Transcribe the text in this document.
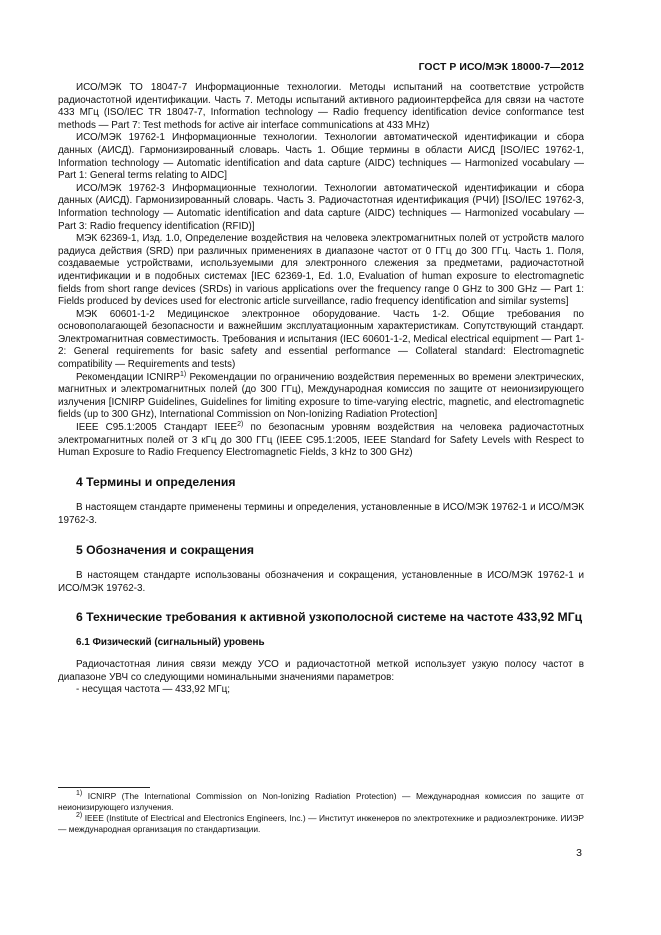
ГОСТ Р ИСО/МЭК 18000-7—2012

ИСО/МЭК ТО 18047-7 Информационные технологии. Методы испытаний на соответствие устройств радиочастотной идентификации. Часть 7. Методы испытаний активного радиоинтерфейса для связи на частоте 433 МГц (ISO/IEC TR 18047-7, Information technology — Radio frequency identification device conformance test methods — Part 7: Test methods for active air interface communications at 433 MHz)

ИСО/МЭК 19762-1 Информационные технологии. Технологии автоматической идентификации и сбора данных (АИСД). Гармонизированный словарь. Часть 1. Общие термины в области АИСД [ISO/IEC 19762-1, Information technology — Automatic identification and data capture (AIDC) techniques — Harmonized vocabulary — Part 1: General terms relating to AIDC]

ИСО/МЭК 19762-3 Информационные технологии. Технологии автоматической идентификации и сбора данных (АИСД). Гармонизированный словарь. Часть 3. Радиочастотная идентификация (РЧИ) [ISO/IEC 19762-3, Information technology — Automatic identification and data capture (AIDC) techniques — Harmonized vocabulary — Part 3: Radio frequency identification (RFID)]

МЭК 62369-1, Изд. 1.0, Определение воздействия на человека электромагнитных полей от устройств малого радиуса действия (SRD) при различных применениях в диапазоне частот от 0 ГГц до 300 ГГц. Часть 1. Поля, создаваемые устройствами, используемыми для электронного слежения за предметами, радиочастотной идентификации и в подобных системах [IEC 62369-1, Ed. 1.0, Evaluation of human exposure to electromagnetic fields from short range devices (SRDs) in various applications over the frequency range 0 GHz to 300 GHz — Part 1: Fields produced by devices used for electronic article surveillance, radio frequency identification and similar systems]

МЭК 60601-1-2 Медицинское электронное оборудование. Часть 1-2. Общие требования по основополагающей безопасности и важнейшим эксплуатационным характеристикам. Сопутствующий стандарт. Электромагнитная совместимость. Требования и испытания (IEC 60601-1-2, Medical electrical equipment — Part 1-2: General requirements for basic safety and essential performance — Collateral standard: Electromagnetic compatibility — Requirements and tests)

Рекомендации ICNIRP$^{1)}$ Рекомендации по ограничению воздействия переменных во времени электрических, магнитных и электромагнитных полей (до 300 ГГц), Международная комиссия по защите от неионизирующего излучения [ICNIRP Guidelines, Guidelines for limiting exposure to time-varying electric, magnetic, and electromagnetic fields (up to 300 GHz), International Commission on Non-Ionizing Radiation Protection]

IEEE C95.1:2005 Стандарт IEEE$^{2)}$ по безопасным уровням воздействия на человека радиочастотных электромагнитных полей от 3 кГц до 300 ГГц (IEEE C95.1:2005, IEEE Standard for Safety Levels with Respect to Human Exposure to Radio Frequency Electromagnetic Fields, 3 kHz to 300 GHz)

4 Термины и определения

В настоящем стандарте применены термины и определения, установленные в ИСО/МЭК 19762-1 и ИСО/МЭК 19762-3.

5 Обозначения и сокращения

В настоящем стандарте использованы обозначения и сокращения, установленные в ИСО/МЭК 19762-1 и ИСО/МЭК 19762-3.

6 Технические требования к активной узкополосной системе на частоте 433,92 МГц

6.1 Физический (сигнальный) уровень

Радиочастотная линия связи между УСО и радиочастотной меткой использует узкую полосу частот в диапазоне УВЧ со следующими номинальными значениями параметров:

- несущая частота — 433,92 МГц;

$^{1)}$ ICNIRP (The International Commission on Non-Ionizing Radiation Protection) — Международная комиссия по защите от неионизирующего излучения.

$^{2)}$ IEEE (Institute of Electrical and Electronics Engineers, Inc.) — Институт инженеров по электротехнике и радиоэлектронике. ИИЭР — международная организация по стандартизации.

3
